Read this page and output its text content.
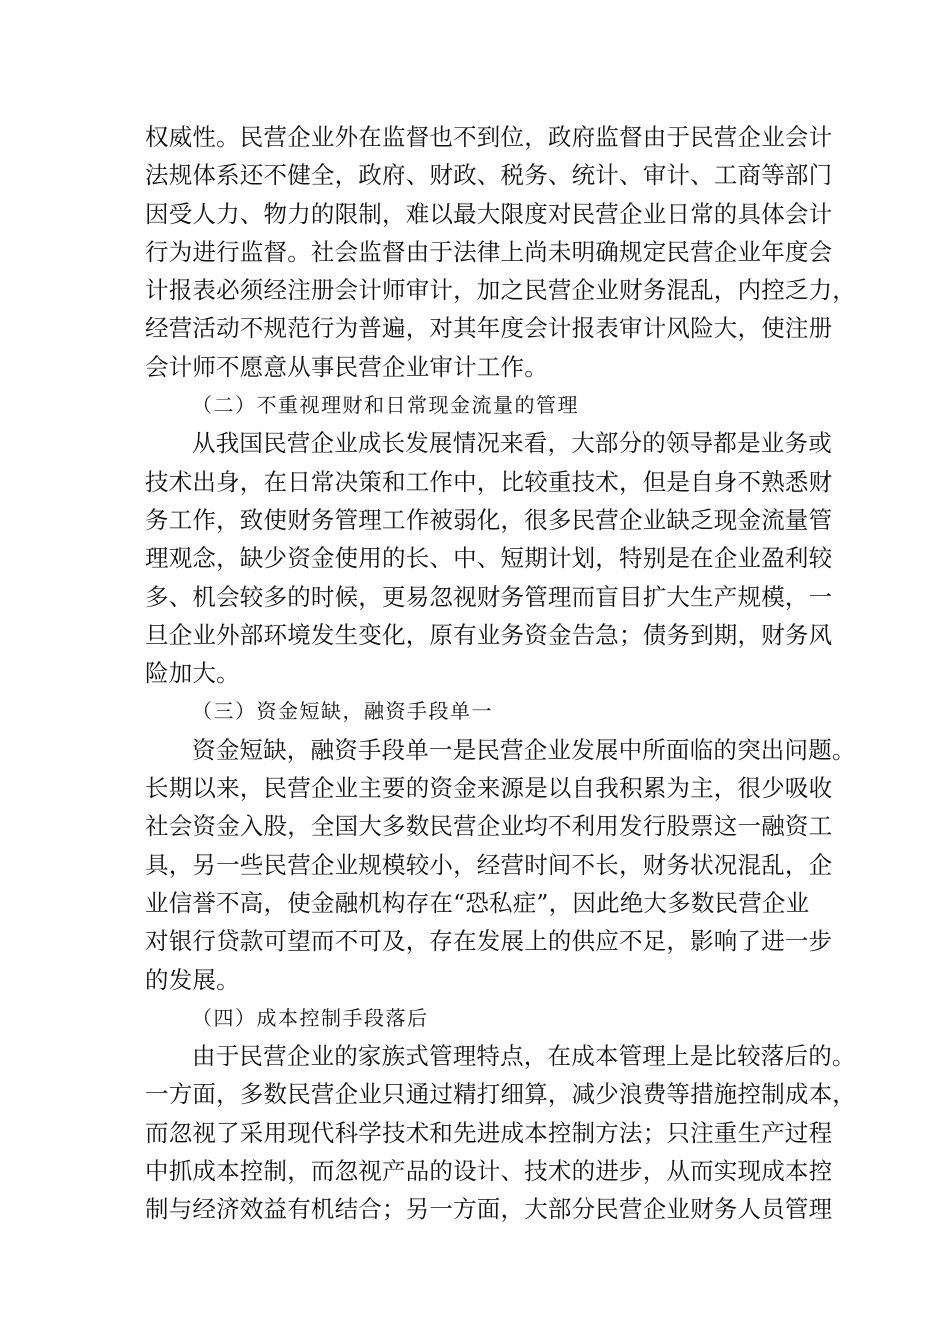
权威性。民营企业外在监督也不到位，政府监督由于民营企业会计
法规体系还不健全，政府、财政、税务、统计、审计、工商等部门
因受人力、物力的限制，难以最大限度对民营企业日常的具体会计
行为进行监督。社会监督由于法律上尚未明确规定民营企业年度会
计报表必须经注册会计师审计，加之民营企业财务混乱，内控乏力，
经营活动不规范行为普遍，对其年度会计报表审计风险大，使注册
会计师不愿意从事民营企业审计工作。
（二）不重视理财和日常现金流量的管理
从我国民营企业成长发展情况来看，大部分的领导都是业务或
技术出身，在日常决策和工作中，比较重技术，但是自身不熟悉财
务工作，致使财务管理工作被弱化，很多民营企业缺乏现金流量管
理观念，缺少资金使用的长、中、短期计划，特别是在企业盈利较
多、机会较多的时候，更易忽视财务管理而盲目扩大生产规模，一
旦企业外部环境发生变化，原有业务资金告急；债务到期，财务风
险加大。
（三）资金短缺，融资手段单一
资金短缺，融资手段单一是民营企业发展中所面临的突出问题。
长期以来，民营企业主要的资金来源是以自我积累为主，很少吸收
社会资金入股，全国大多数民营企业均不利用发行股票这一融资工
具，另一些民营企业规模较小，经营时间不长，财务状况混乱，企
业信誉不高，使金融机构存在“恐私症”，因此绝大多数民营企业
对银行贷款可望而不可及，存在发展上的供应不足，影响了进一步
的发展。
（四）成本控制手段落后
由于民营企业的家族式管理特点，在成本管理上是比较落后的。
一方面，多数民营企业只通过精打细算，减少浪费等措施控制成本，
而忽视了采用现代科学技术和先进成本控制方法；只注重生产过程
中抓成本控制，而忽视产品的设计、技术的进步，从而实现成本控
制与经济效益有机结合；另一方面，大部分民营企业财务人员管理
